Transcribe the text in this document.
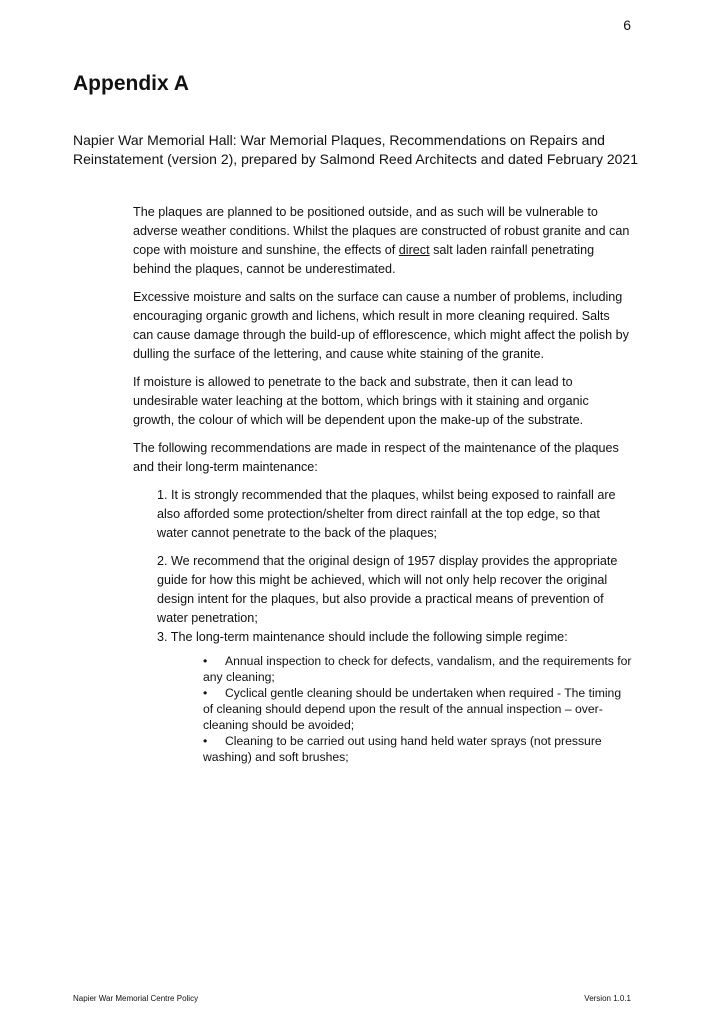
6
Appendix A

Napier War Memorial Hall: War Memorial Plaques, Recommendations on Repairs and Reinstatement (version 2), prepared by Salmond Reed Architects and dated February 2021

The plaques are planned to be positioned outside, and as such will be vulnerable to adverse weather conditions. Whilst the plaques are constructed of robust granite and can cope with moisture and sunshine, the effects of direct salt laden rainfall penetrating behind the plaques, cannot be underestimated.

Excessive moisture and salts on the surface can cause a number of problems, including encouraging organic growth and lichens, which result in more cleaning required. Salts can cause damage through the build-up of efflorescence, which might affect the polish by dulling the surface of the lettering, and cause white staining of the granite.

If moisture is allowed to penetrate to the back and substrate, then it can lead to undesirable water leaching at the bottom, which brings with it staining and organic growth, the colour of which will be dependent upon the make-up of the substrate.

The following recommendations are made in respect of the maintenance of the plaques and their long-term maintenance:

1. It is strongly recommended that the plaques, whilst being exposed to rainfall are also afforded some protection/shelter from direct rainfall at the top edge, so that water cannot penetrate to the back of the plaques;

2. We recommend that the original design of 1957 display provides the appropriate guide for how this might be achieved, which will not only help recover the original design intent for the plaques, but also provide a practical means of prevention of water penetration;

3. The long-term maintenance should include the following simple regime:

• Annual inspection to check for defects, vandalism, and the requirements for any cleaning;
• Cyclical gentle cleaning should be undertaken when required - The timing of cleaning should depend upon the result of the annual inspection – over- cleaning should be avoided;
• Cleaning to be carried out using hand held water sprays (not pressure washing) and soft brushes;
Napier War Memorial Centre Policy	Version 1.0.1
